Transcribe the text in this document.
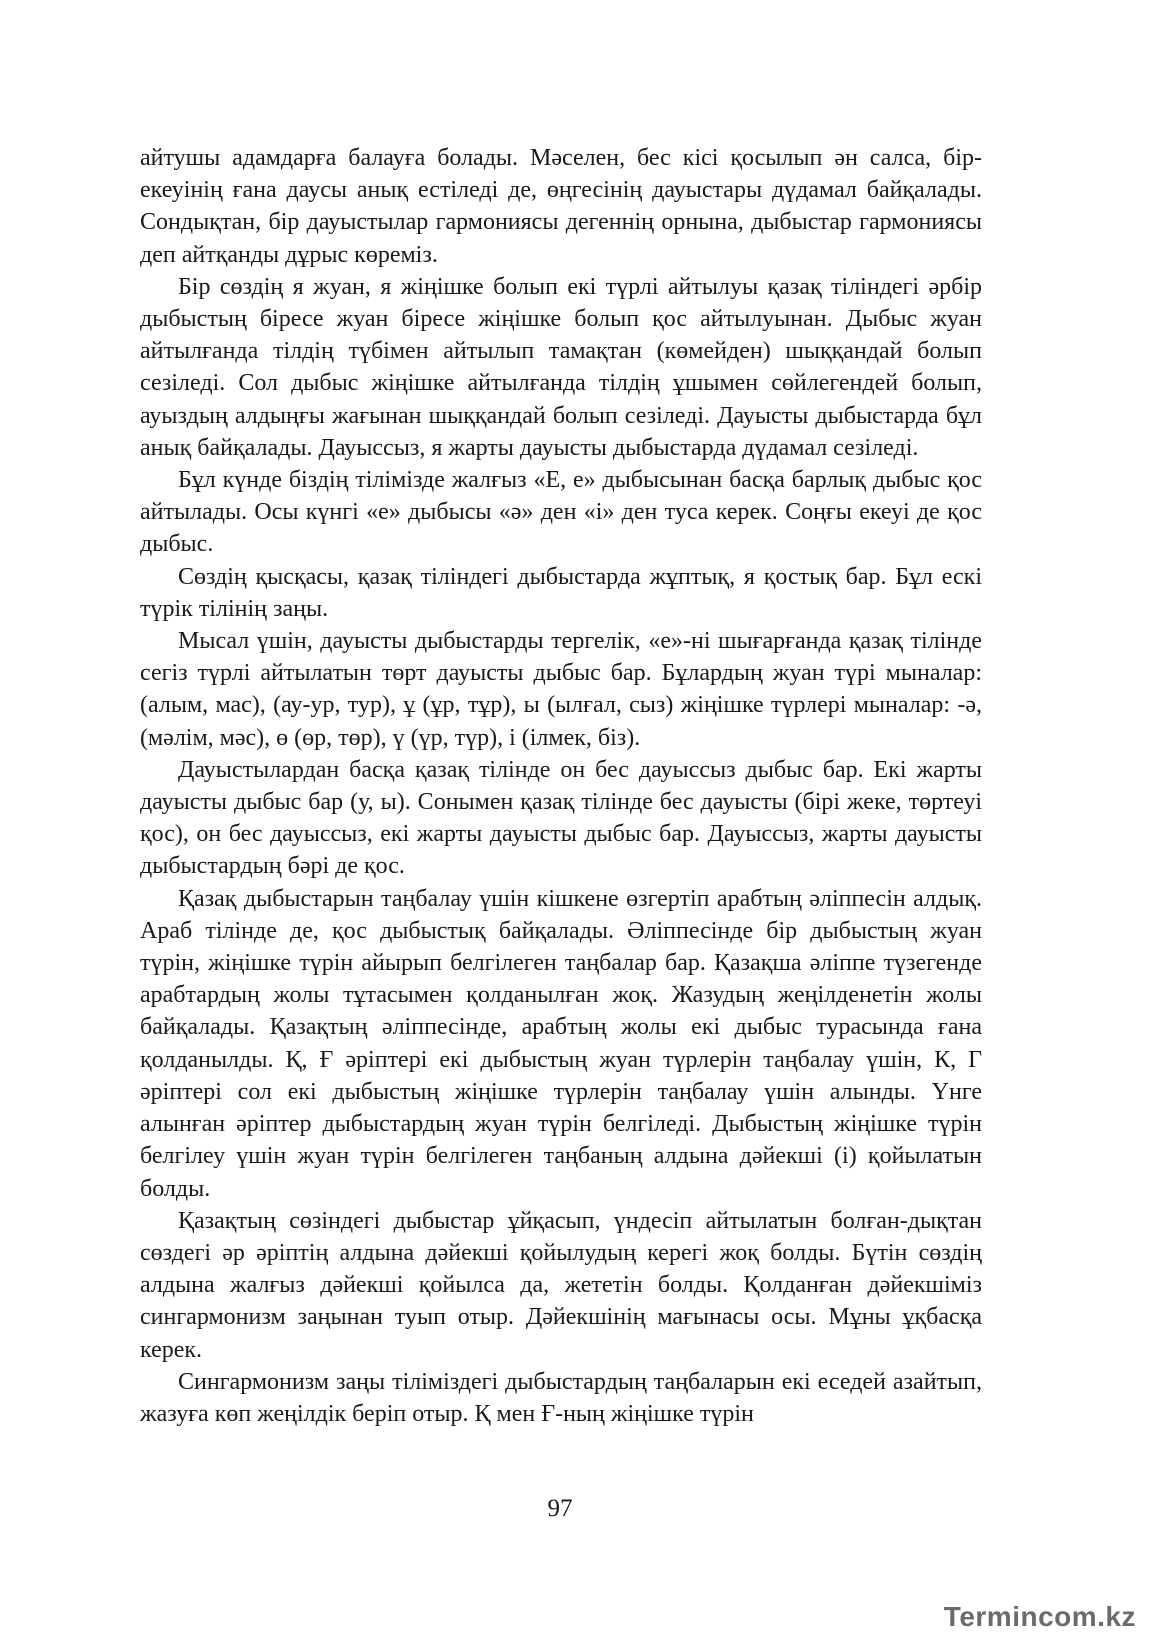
айтушы адамдарға балауға болады. Мәселен, бес кісі қосылып ән салса, бір-екеуінің ғана даусы анық естіледі де, өңгесінің дауыстары дүдамал байқалады. Сондықтан, бір дауыстылар гармониясы дегеннің орнына, дыбыстар гармониясы деп айтқанды дұрыс көреміз.

Бір сөздің я жуан, я жіңішке болып екі түрлі айтылуы қазақ тіліндегі әрбір дыбыстың біресе жуан біресе жіңішке болып қос айтылуынан. Дыбыс жуан айтылғанда тілдің түбімен айтылып тамақтан (көмейден) шыққандай болып сезіледі. Сол дыбыс жіңішке айтылғанда тілдің ұшымен сөйлегендей болып, ауыздың алдыңғы жағынан шыққандай болып сезіледі. Дауысты дыбыстарда бұл анық байқалады. Дауыссыз, я жарты дауысты дыбыстарда дүдамал сезіледі.

Бұл күнде біздің тілімізде жалғыз «Е, е» дыбысынан басқа барлық дыбыс қос айтылады. Осы күнгі «е» дыбысы «ә» ден «і» ден туса керек. Соңғы екеуі де қос дыбыс.

Сөздің қысқасы, қазақ тіліндегі дыбыстарда жұптық, я қостық бар. Бұл ескі түрік тілінің заңы.

Мысал үшін, дауысты дыбыстарды тергелік, «е»-ні шығарғанда қазақ тілінде сегіз түрлі айтылатын төрт дауысты дыбыс бар. Бұлардың жуан түрі мыналар: (алым, мас), (ау-ур, тур), ұ (ұр, тұр), ы (ылғал, сыз) жіңішке түрлері мыналар: -ə, (мәлім, мәс), ө (өр, төр), ү (үр, түр), і (ілмек, біз).

Дауыстылардан басқа қазақ тілінде он бес дауыссыз дыбыс бар. Екі жарты дауысты дыбыс бар (у, ы). Сонымен қазақ тілінде бес дауысты (бірі жеке, төртеуі қос), он бес дауыссыз, екі жарты дауысты дыбыс бар. Дауыссыз, жарты дауысты дыбыстардың бәрі де қос.

Қазақ дыбыстарын таңбалау үшін кішкене өзгертіп арабтың әліппесін алдық. Араб тілінде де, қос дыбыстық байқалады. Әліппесінде бір дыбыстың жуан түрін, жіңішке түрін айырып белгілеген таңбалар бар. Қазақша әліппе түзегенде арабтардың жолы тұтасымен қолданылған жоқ. Жазудың жеңілденетін жолы байқалады. Қазақтың әліппесінде, арабтың жолы екі дыбыс турасында ғана қолданылды. Қ, Ғ әріптері екі дыбыстың жуан түрлерін таңбалау үшін, К, Г әріптері сол екі дыбыстың жіңішке түрлерін таңбалау үшін алынды. Үнге алынған әріптер дыбыстардың жуан түрін белгіледі. Дыбыстың жіңішке түрін белгілеу үшін жуан түрін белгілеген таңбаның алдына дәйекші (і) қойылатын болды.

Қазақтың сөзіндегі дыбыстар ұйқасып, үндесіп айтылатын болған-дықтан сөздегі әр әріптің алдына дәйекші қойылудың керегі жоқ болды. Бүтін сөздің алдына жалғыз дәйекші қойылса да, жететін болды. Қолданған дәйекшіміз сингармонизм заңынан туып отыр. Дәйекшінің мағынасы осы. Мұны ұқбасқа керек.

Сингармонизм заңы тіліміздегі дыбыстардың таңбаларын екі еседей азайтып, жазуға көп жеңілдік беріп отыр. Қ мен Ғ-ның жіңішке түрін

97
Termincom.kz
